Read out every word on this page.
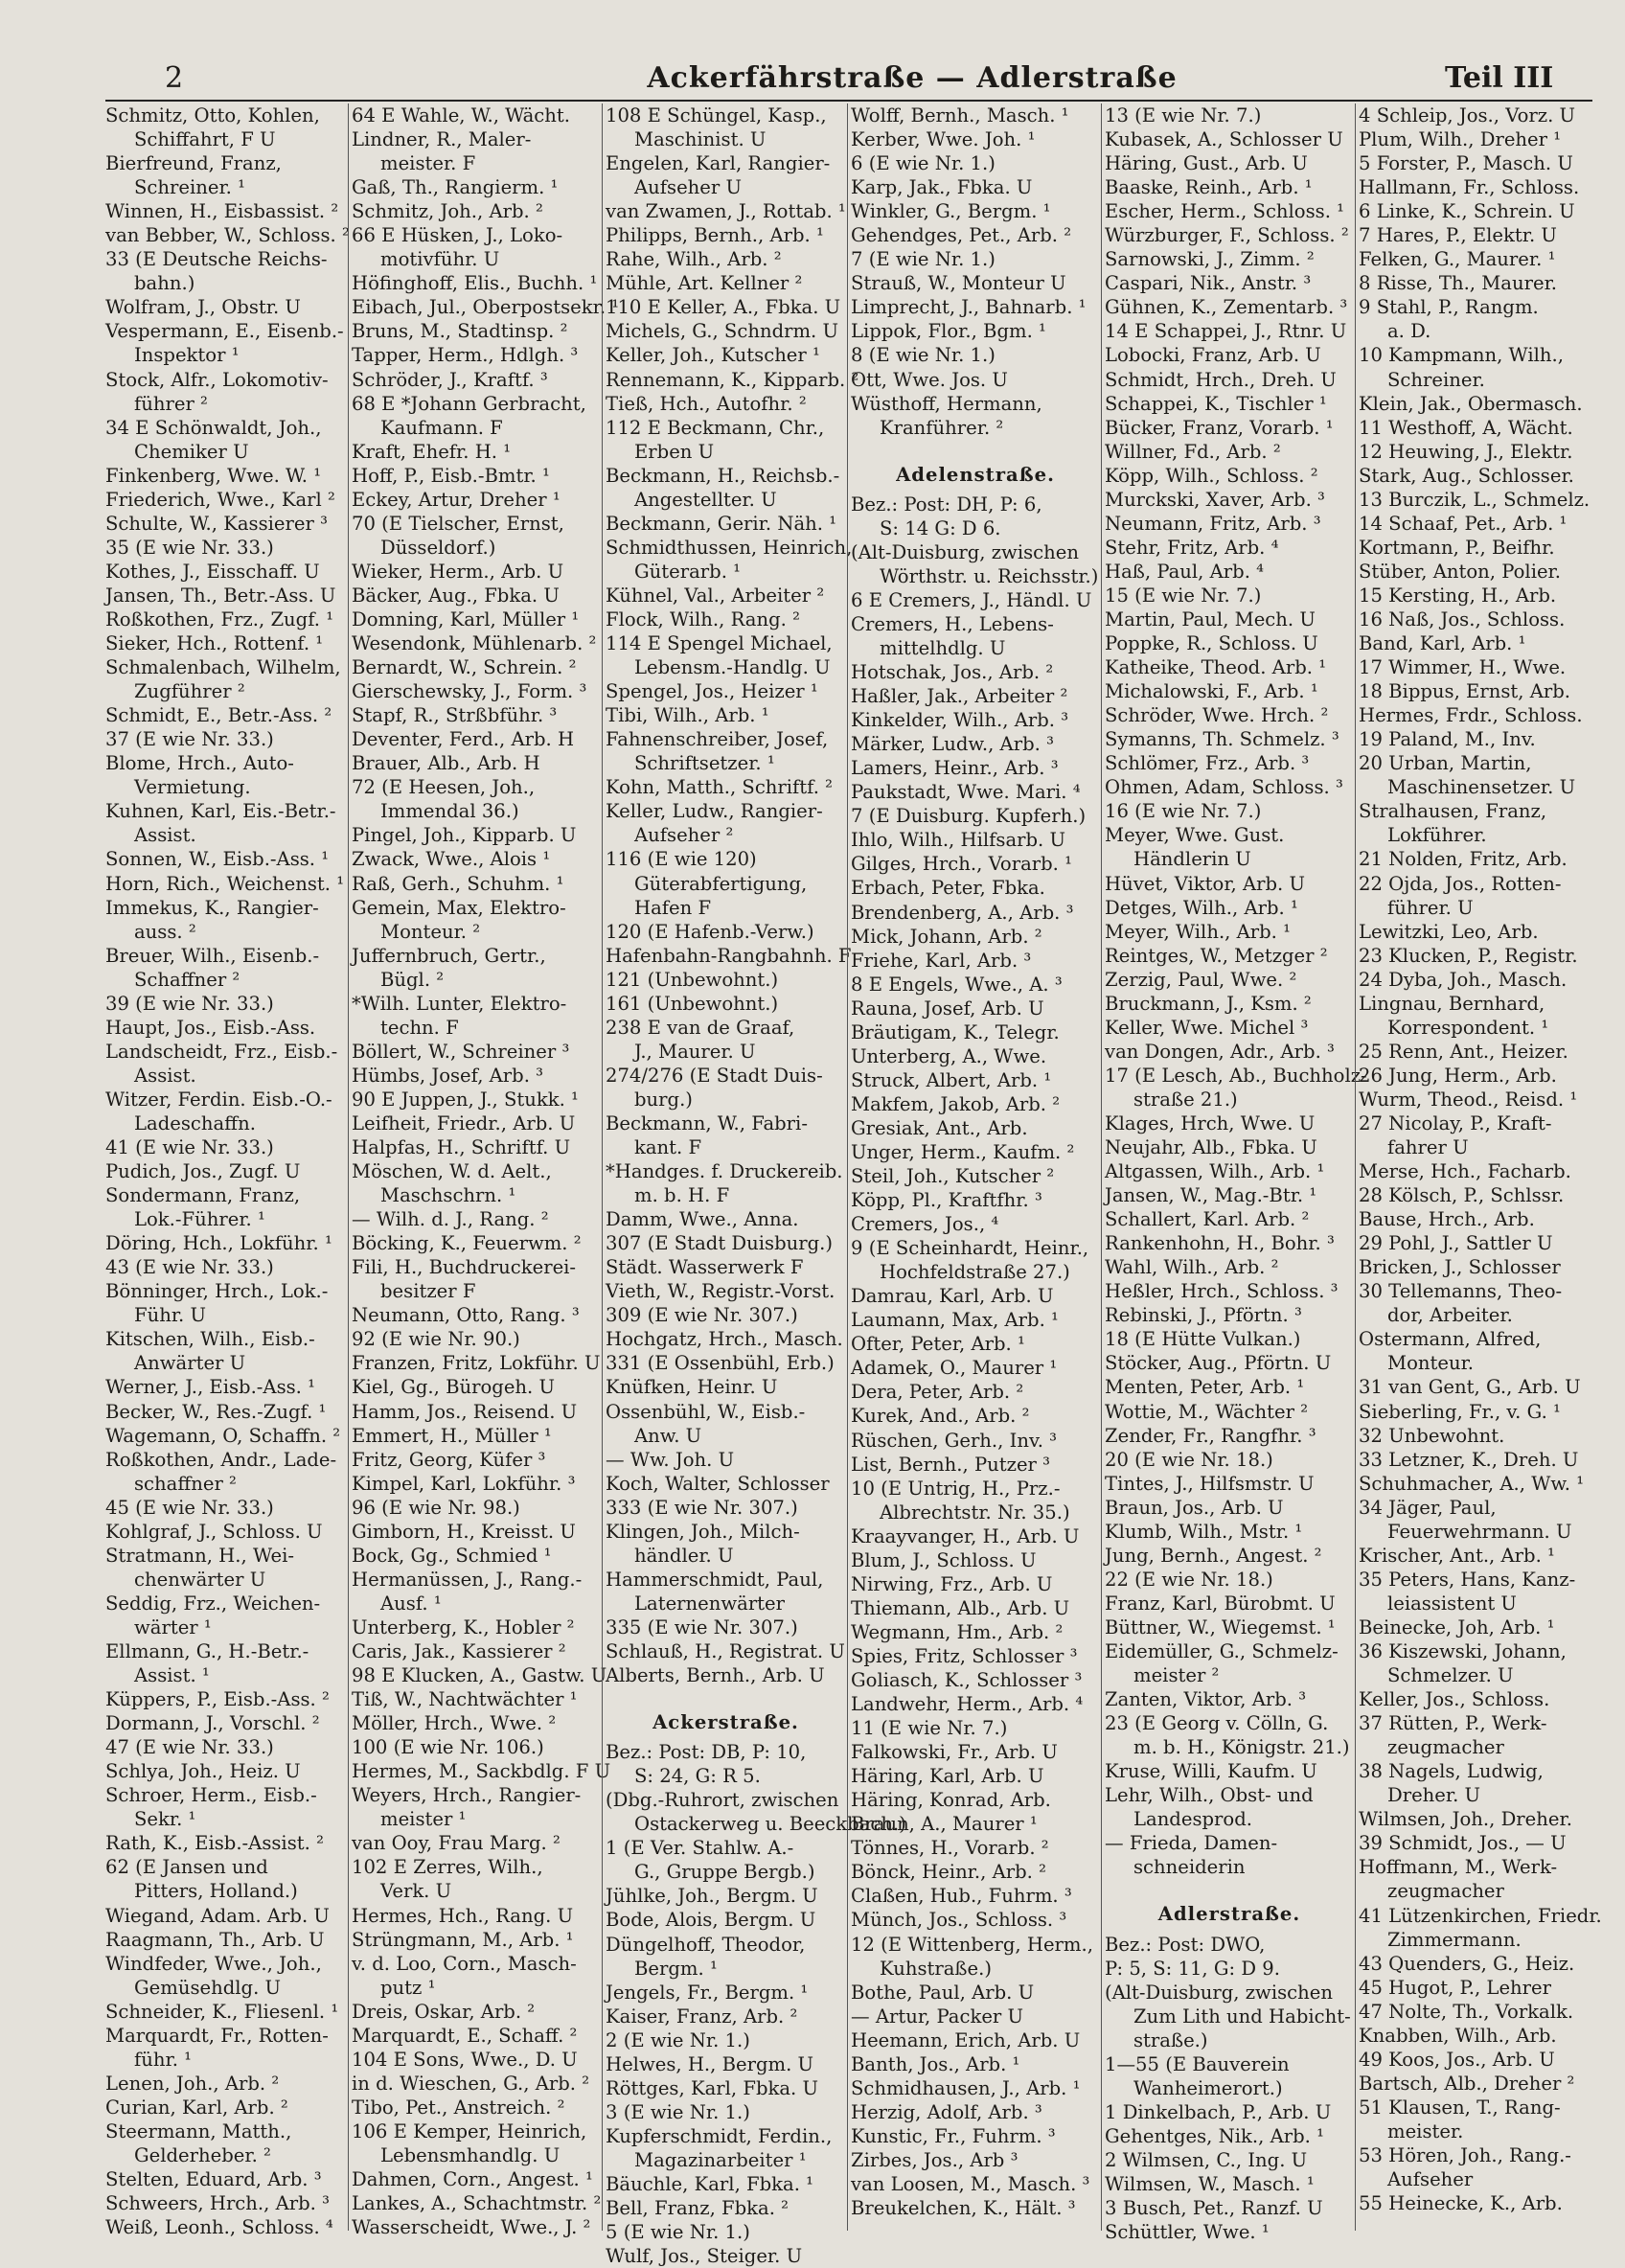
2	Ackerfährstraße — Adlerstraße	Teil III
Schmitz, Otto, Kohlen,
Schiffahrt, F U
Bierfreund, Franz,
Schreiner. ¹
Winnen, H., Eisbassist. ²
van Bebber, W., Schloss. ²
33 (E Deutsche Reichs-
bahn.)
Wolfram, J., Obstr. U
Vespermann, E., Eisenb.-
Inspektor ¹
Stock, Alfr., Lokomotiv-
führer ²
34 E Schönwaldt, Joh.,
Chemiker U
Finkenberg, Wwe. W. ¹
Friederich, Wwe., Karl ²
Schulte, W., Kassierer ³
35 (E wie Nr. 33.)
Kothes, J., Eisschaff. U
Jansen, Th., Betr.-Ass. U
Roßkothen, Frz., Zugf. ¹
Sieker, Hch., Rottenf. ¹
Schmalenbach, Wilhelm,
Zugführer ²
Schmidt, E., Betr.-Ass. ²
37 (E wie Nr. 33.)
Blome, Hrch., Auto-
Vermietung.
Kuhnen, Karl, Eis.-Betr.-
Assist.
Sonnen, W., Eisb.-Ass. ¹
Horn, Rich., Weichenst. ¹
Immekus, K., Rangier-
auss. ²
Breuer, Wilh., Eisenb.-
Schaffner ²
39 (E wie Nr. 33.)
Haupt, Jos., Eisb.-Ass.
Landscheidt, Frz., Eisb.-
Assist.
Witzer, Ferdin. Eisb.-O.-
Ladeschaffn.
41 (E wie Nr. 33.)
Pudich, Jos., Zugf. U
Sondermann, Franz,
Lok.-Führer. ¹
Döring, Hch., Lokführ. ¹
43 (E wie Nr. 33.)
Bönninger, Hrch., Lok.-
Führ. U
Kitschen, Wilh., Eisb.-
Anwärter U
Werner, J., Eisb.-Ass. ¹
Becker, W., Res.-Zugf. ¹
Wagemann, O, Schaffn. ²
Roßkothen, Andr., Lade-
schaffner ²
45 (E wie Nr. 33.)
Kohlgraf, J., Schloss. U
Stratmann, H., Wei-
chenwärter U
Seddig, Frz., Weichen-
wärter ¹
Ellmann, G., H.-Betr.-
Assist. ¹
Küppers, P., Eisb.-Ass. ²
Dormann, J., Vorschl. ²
47 (E wie Nr. 33.)
Schlya, Joh., Heiz. U
Schroer, Herm., Eisb.-
Sekr. ¹
Rath, K., Eisb.-Assist. ²
62 (E Jansen und
Pitters, Holland.)
Wiegand, Adam. Arb. U
Raagmann, Th., Arb. U
Windfeder, Wwe., Joh.,
Gemüsehdlg. U
Schneider, K., Fliesenl. ¹
Marquardt, Fr., Rotten-
führ. ¹
Lenen, Joh., Arb. ²
Curian, Karl, Arb. ²
Steermann, Matth.,
Gelderheber. ²
Stelten, Eduard, Arb. ³
Schweers, Hrch., Arb. ³
Weiß, Leonh., Schloss. ⁴
64 E Wahle, W., Wächt.
Lindner, R., Maler-
meister. F
Gaß, Th., Rangierm. ¹
Schmitz, Joh., Arb. ²
66 E Hüsken, J., Loko-
motivführ. U
Höfinghoff, Elis., Buchh. ¹
Eibach, Jul., Oberpostsekr. ¹
Bruns, M., Stadtinsp. ²
Tapper, Herm., Hdlgh. ³
Schröder, J., Kraftf. ³
68 E *Johann Gerbracht,
Kaufmann. F
Kraft, Ehefr. H. ¹
Hoff, P., Eisb.-Bmtr. ¹
Eckey, Artur, Dreher ¹
70 (E Tielscher, Ernst,
Düsseldorf.)
Wieker, Herm., Arb. U
Bäcker, Aug., Fbka. U
Domning, Karl, Müller ¹
Wesendonk, Mühlenarb. ²
Bernardt, W., Schrein. ²
Gierschewsky, J., Form. ³
Stapf, R., Strßbführ. ³
Deventer, Ferd., Arb. H
Brauer, Alb., Arb. H
72 (E Heesen, Joh.,
Immendal 36.)
Pingel, Joh., Kipparb. U
Zwack, Wwe., Alois ¹
Raß, Gerh., Schuhm. ¹
Gemein, Max, Elektro-
Monteur. ²
Juffernbruch, Gertr.,
Bügl. ²
*Wilh. Lunter, Elektro-
techn. F
Böllert, W., Schreiner ³
Hümbs, Josef, Arb. ³
90 E Juppen, J., Stukk. ¹
Leifheit, Friedr., Arb. U
Halpfas, H., Schriftf. U
Möschen, W. d. Aelt.,
Maschschrn. ¹
— Wilh. d. J., Rang. ²
Böcking, K., Feuerwm. ²
Fili, H., Buchdruckerei-
besitzer F
Neumann, Otto, Rang. ³
92 (E wie Nr. 90.)
Franzen, Fritz, Lokführ. U
Kiel, Gg., Bürogeh. U
Hamm, Jos., Reisend. U
Emmert, H., Müller ¹
Fritz, Georg, Küfer ³
Kimpel, Karl, Lokführ. ³
96 (E wie Nr. 98.)
Gimborn, H., Kreisst. U
Bock, Gg., Schmied ¹
Hermanüssen, J., Rang.-
Ausf. ¹
Unterberg, K., Hobler ²
Caris, Jak., Kassierer ²
98 E Klucken, A., Gastw. U
Tiß, W., Nachtwächter ¹
Möller, Hrch., Wwe. ²
100 (E wie Nr. 106.)
Hermes, M., Sackbdlg. F U
Weyers, Hrch., Rangier-
meister ¹
van Ooy, Frau Marg. ²
102 E Zerres, Wilh.,
Verk. U
Hermes, Hch., Rang. U
Strüngmann, M., Arb. ¹
v. d. Loo, Corn., Masch-
putz ¹
Dreis, Oskar, Arb. ²
Marquardt, E., Schaff. ²
104 E Sons, Wwe., D. U
in d. Wieschen, G., Arb. ²
Tibo, Pet., Anstreich. ²
106 E Kemper, Heinrich,
Lebensmhandlg. U
Dahmen, Corn., Angest. ¹
Lankes, A., Schachtmstr. ²
Wasserscheidt, Wwe., J. ²
108 E Schüngel, Kasp.,
Maschinist. U
Engelen, Karl, Rangier-
Aufseher U
van Zwamen, J., Rottab. ¹
Philipps, Bernh., Arb. ¹
Rahe, Wilh., Arb. ²
Mühle, Art. Kellner ²
110 E Keller, A., Fbka. U
Michels, G., Schndrm. U
Keller, Joh., Kutscher ¹
Rennemann, K., Kipparb. ²
Tieß, Hch., Autofhr. ²
112 E Beckmann, Chr.,
Erben U
Beckmann, H., Reichsb.-
Angestellter. U
Beckmann, Gerir. Näh. ¹
Schmidthussen, Heinrich,
Güterarb. ¹
Kühnel, Val., Arbeiter ²
Flock, Wilh., Rang. ²
114 E Spengel Michael,
Lebensm.-Handlg. U
Spengel, Jos., Heizer ¹
Tibi, Wilh., Arb. ¹
Fahnenschreiber, Josef,
Schriftsetzer. ¹
Kohn, Matth., Schriftf. ²
Keller, Ludw., Rangier-
Aufseher ²
116 (E wie 120)
Güterabfertigung,
Hafen F
120 (E Hafenb.-Verw.)
Hafenbahn-Rangbahnh. F
121 (Unbewohnt.)
161 (Unbewohnt.)
238 E van de Graaf,
J., Maurer. U
274/276 (E Stadt Duis-
burg.)
Beckmann, W., Fabri-
kant. F
*Handges. f. Druckereib.
m. b. H. F
Damm, Wwe., Anna.
307 (E Stadt Duisburg.)
Städt. Wasserwerk F
Vieth, W., Registr.-Vorst.
309 (E wie Nr. 307.)
Hochgatz, Hrch., Masch.
331 (E Ossenbühl, Erb.)
Knüfken, Heinr. U
Ossenbühl, W., Eisb.-
Anw. U
— Ww. Joh. U
Koch, Walter, Schlosser
333 (E wie Nr. 307.)
Klingen, Joh., Milch-
händler. U
Hammerschmidt, Paul,
Laternenwärter
335 (E wie Nr. 307.)
Schlauß, H., Registrat. U
Alberts, Bernh., Arb. U
Ackerstraße.
Bez.: Post: DB, P: 10,
S: 24, G: R 5.
(Dbg.-Ruhrort, zwischen
Ostackerweg u. Beeckbach.)
1 (E Ver. Stahlw. A.-
G., Gruppe Bergb.)
Jühlke, Joh., Bergm. U
Bode, Alois, Bergm. U
Düngelhoff, Theodor,
Bergm. ¹
Jengels, Fr., Bergm. ¹
Kaiser, Franz, Arb. ²
2 (E wie Nr. 1.)
Helwes, H., Bergm. U
Röttges, Karl, Fbka. U
3 (E wie Nr. 1.)
Kupferschmidt, Ferdin.,
Magazinarbeiter ¹
Bäuchle, Karl, Fbka. ¹
Bell, Franz, Fbka. ²
5 (E wie Nr. 1.)
Wulf, Jos., Steiger. U
Wolff, Bernh., Masch. ¹
Kerber, Wwe. Joh. ¹
6 (E wie Nr. 1.)
Karp, Jak., Fbka. U
Winkler, G., Bergm. ¹
Gehendges, Pet., Arb. ²
7 (E wie Nr. 1.)
Strauß, W., Monteur U
Limprecht, J., Bahnarb. ¹
Lippok, Flor., Bgm. ¹
8 (E wie Nr. 1.)
Ott, Wwe. Jos. U
Wüsthoff, Hermann,
Kranführer. ²
Adelenstraße.
Bez.: Post: DH, P: 6,
S: 14 G: D 6.
(Alt-Duisburg, zwischen
Wörthstr. u. Reichsstr.)
6 E Cremers, J., Händl. U
Cremers, H., Lebens-
mittelhdlg. U
Hotschak, Jos., Arb. ²
Haßler, Jak., Arbeiter ²
Kinkelder, Wilh., Arb. ³
Märker, Ludw., Arb. ³
Lamers, Heinr., Arb. ³
Paukstadt, Wwe. Mari. ⁴
7 (E Duisburg. Kupferh.)
Ihlo, Wilh., Hilfsarb. U
Gilges, Hrch., Vorarb. ¹
Erbach, Peter, Fbka.
Brendenberg, A., Arb. ³
Mick, Johann, Arb. ²
Friehe, Karl, Arb. ³
8 E Engels, Wwe., A. ³
Rauna, Josef, Arb. U
Bräutigam, K., Telegr.
Unterberg, A., Wwe.
Struck, Albert, Arb. ¹
Makfem, Jakob, Arb. ²
Gresiak, Ant., Arb.
Unger, Herm., Kaufm. ²
Steil, Joh., Kutscher ²
Köpp, Pl., Kraftfhr. ³
Cremers, Jos., ⁴
9 (E Scheinhardt, Heinr.,
Hochfeldstraße 27.)
Damrau, Karl, Arb. U
Laumann, Max, Arb. ¹
Ofter, Peter, Arb. ¹
Adamek, O., Maurer ¹
Dera, Peter, Arb. ²
Kurek, And., Arb. ²
Rüschen, Gerh., Inv. ³
List, Bernh., Putzer ³
10 (E Untrig, H., Prz.-
Albrechtstr. Nr. 35.)
Kraayvanger, H., Arb. U
Blum, J., Schloss. U
Nirwing, Frz., Arb. U
Thiemann, Alb., Arb. U
Wegmann, Hm., Arb. ²
Spies, Fritz, Schlosser ³
Goliasch, K., Schlosser ³
Landwehr, Herm., Arb. ⁴
11 (E wie Nr. 7.)
Falkowski, Fr., Arb. U
Häring, Karl, Arb. U
Häring, Konrad, Arb.
Braun, A., Maurer ¹
Tönnes, H., Vorarb. ²
Bönck, Heinr., Arb. ²
Claßen, Hub., Fuhrm. ³
Münch, Jos., Schloss. ³
12 (E Wittenberg, Herm.,
Kuhstraße.)
Bothe, Paul, Arb. U
— Artur, Packer U
Heemann, Erich, Arb. U
Banth, Jos., Arb. ¹
Schmidhausen, J., Arb. ¹
Herzig, Adolf, Arb. ³
Kunstic, Fr., Fuhrm. ³
Zirbes, Jos., Arb ³
van Loosen, M., Masch. ³
Breukelchen, K., Hält. ³
13 (E wie Nr. 7.)
Kubasek, A., Schlosser U
Häring, Gust., Arb. U
Baaske, Reinh., Arb. ¹
Escher, Herm., Schloss. ¹
Würzburger, F., Schloss. ²
Sarnowski, J., Zimm. ²
Caspari, Nik., Anstr. ³
Gühnen, K., Zementarb. ³
14 E Schappei, J., Rtnr. U
Lobocki, Franz, Arb. U
Schmidt, Hrch., Dreh. U
Schappei, K., Tischler ¹
Bücker, Franz, Vorarb. ¹
Willner, Fd., Arb. ²
Köpp, Wilh., Schloss. ²
Murckski, Xaver, Arb. ³
Neumann, Fritz, Arb. ³
Stehr, Fritz, Arb. ⁴
Haß, Paul, Arb. ⁴
15 (E wie Nr. 7.)
Martin, Paul, Mech. U
Poppke, R., Schloss. U
Katheike, Theod. Arb. ¹
Michalowski, F., Arb. ¹
Schröder, Wwe. Hrch. ²
Symanns, Th. Schmelz. ³
Schlömer, Frz., Arb. ³
Ohmen, Adam, Schloss. ³
16 (E wie Nr. 7.)
Meyer, Wwe. Gust.
Händlerin U
Hüvet, Viktor, Arb. U
Detges, Wilh., Arb. ¹
Meyer, Wilh., Arb. ¹
Reintges, W., Metzger ²
Zerzig, Paul, Wwe. ²
Bruckmann, J., Ksm. ²
Keller, Wwe. Michel ³
van Dongen, Adr., Arb. ³
17 (E Lesch, Ab., Buchholz-
straße 21.)
Klages, Hrch, Wwe. U
Neujahr, Alb., Fbka. U
Altgassen, Wilh., Arb. ¹
Jansen, W., Mag.-Btr. ¹
Schallert, Karl. Arb. ²
Rankenhohn, H., Bohr. ³
Wahl, Wilh., Arb. ²
Heßler, Hrch., Schloss. ³
Rebinski, J., Pförtn. ³
18 (E Hütte Vulkan.)
Stöcker, Aug., Pförtn. U
Menten, Peter, Arb. ¹
Wottie, M., Wächter ²
Zender, Fr., Rangfhr. ³
20 (E wie Nr. 18.)
Tintes, J., Hilfsmstr. U
Braun, Jos., Arb. U
Klumb, Wilh., Mstr. ¹
Jung, Bernh., Angest. ²
22 (E wie Nr. 18.)
Franz, Karl, Bürobmt. U
Büttner, W., Wiegemst. ¹
Eidemüller, G., Schmelz-
meister ²
Zanten, Viktor, Arb. ³
23 (E Georg v. Cölln, G.
m. b. H., Königstr. 21.)
Kruse, Willi, Kaufm. U
Lehr, Wilh., Obst- und
Landesprod.
— Frieda, Damen-
schneiderin
Adlerstraße.
Bez.: Post: DWO,
P: 5, S: 11, G: D 9.
(Alt-Duisburg, zwischen
Zum Lith und Habicht-
straße.)
1—55 (E Bauverein
Wanheimerort.)
1 Dinkelbach, P., Arb. U
Gehentges, Nik., Arb. ¹
2 Wilmsen, C., Ing. U
Wilmsen, W., Masch. ¹
3 Busch, Pet., Ranzf. U
Schüttler, Wwe. ¹
4 Schleip, Jos., Vorz. U
Plum, Wilh., Dreher ¹
5 Forster, P., Masch. U
Hallmann, Fr., Schloss.
6 Linke, K., Schrein. U
7 Hares, P., Elektr. U
Felken, G., Maurer. ¹
8 Risse, Th., Maurer.
9 Stahl, P., Rangm.
a. D.
10 Kampmann, Wilh.,
Schreiner.
Klein, Jak., Obermasch.
11 Westhoff, A, Wächt.
12 Heuwing, J., Elektr.
Stark, Aug., Schlosser.
13 Burczik, L., Schmelz.
14 Schaaf, Pet., Arb. ¹
Kortmann, P., Beifhr.
Stüber, Anton, Polier.
15 Kersting, H., Arb.
16 Naß, Jos., Schloss.
Band, Karl, Arb. ¹
17 Wimmer, H., Wwe.
18 Bippus, Ernst, Arb.
Hermes, Frdr., Schloss.
19 Paland, M., Inv.
20 Urban, Martin,
Maschinensetzer. U
Stralhausen, Franz,
Lokführer.
21 Nolden, Fritz, Arb.
22 Ojda, Jos., Rotten-
führer. U
Lewitzki, Leo, Arb.
23 Klucken, P., Registr.
24 Dyba, Joh., Masch.
Lingnau, Bernhard,
Korrespondent. ¹
25 Renn, Ant., Heizer.
26 Jung, Herm., Arb.
Wurm, Theod., Reisd. ¹
27 Nicolay, P., Kraft-
fahrer U
Merse, Hch., Facharb.
28 Kölsch, P., Schlssr.
Bause, Hrch., Arb.
29 Pohl, J., Sattler U
Bricken, J., Schlosser
30 Tellemanns, Theo-
dor, Arbeiter.
Ostermann, Alfred,
Monteur.
31 van Gent, G., Arb. U
Sieberling, Fr., v. G. ¹
32 Unbewohnt.
33 Letzner, K., Dreh. U
Schuhmacher, A., Ww. ¹
34 Jäger, Paul,
Feuerwehrmann. U
Krischer, Ant., Arb. ¹
35 Peters, Hans, Kanz-
leiassistent U
Beinecke, Joh, Arb. ¹
36 Kiszewski, Johann,
Schmelzer. U
Keller, Jos., Schloss.
37 Rütten, P., Werk-
zeugmacher
38 Nagels, Ludwig,
Dreher. U
Wilmsen, Joh., Dreher.
39 Schmidt, Jos., — U
Hoffmann, M., Werk-
zeugmacher
41 Lützenkirchen, Friedr.
Zimmermann.
43 Quenders, G., Heiz.
45 Hugot, P., Lehrer
47 Nolte, Th., Vorkalk.
Knabben, Wilh., Arb.
49 Koos, Jos., Arb. U
Bartsch, Alb., Dreher ²
51 Klausen, T., Rang-
meister.
53 Hören, Joh., Rang.-
Aufseher
55 Heinecke, K., Arb.
